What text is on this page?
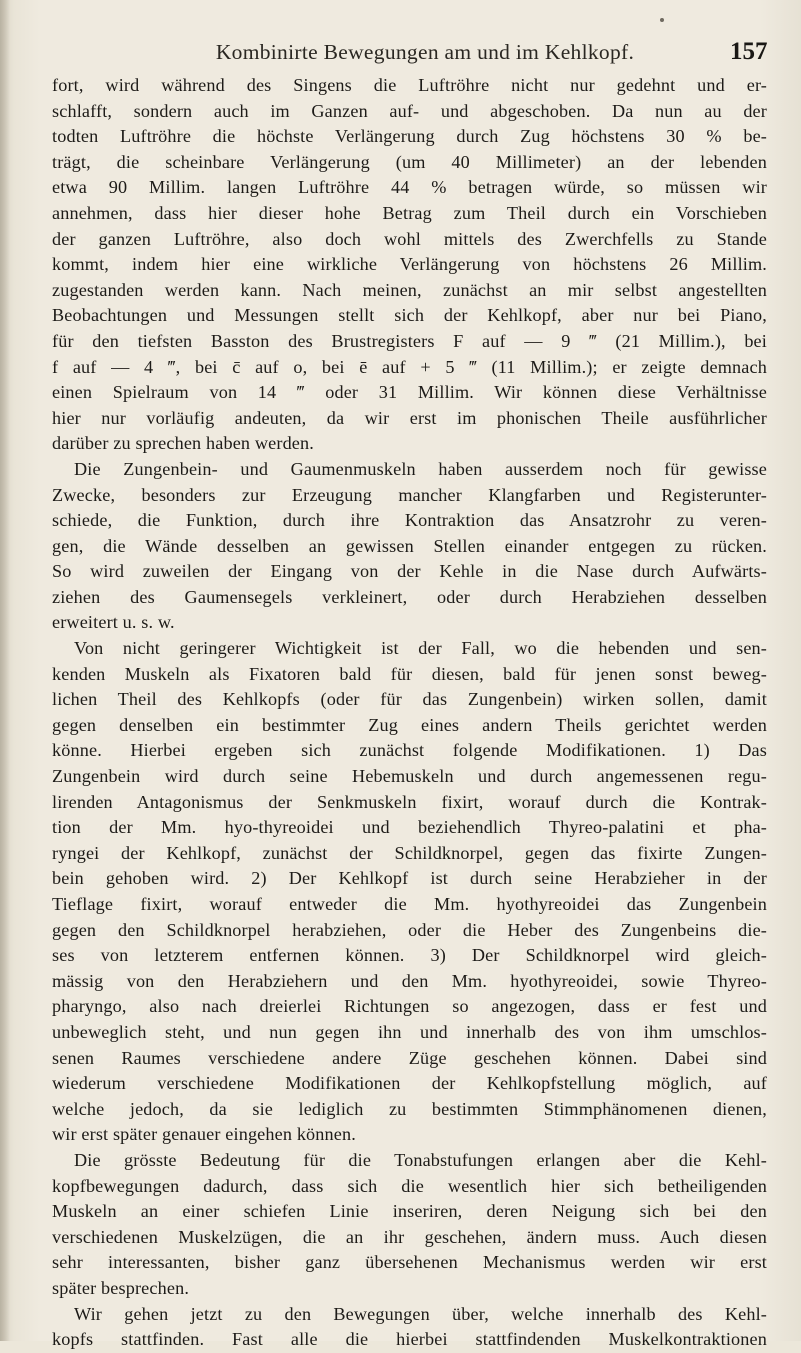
Kombinirte Bewegungen am und im Kehlkopf.	157
fort, wird während des Singens die Luftröhre nicht nur gedehnt und er-
schlafft, sondern auch im Ganzen auf- und abgeschoben. Da nun au der
todten Luftröhre die höchste Verlängerung durch Zug höchstens 30 % be-
trägt, die scheinbare Verlängerung (um 40 Millimeter) an der lebenden
etwa 90 Millim. langen Luftröhre 44 % betragen würde, so müssen wir
annehmen, dass hier dieser hohe Betrag zum Theil durch ein Vorschieben
der ganzen Luftröhre, also doch wohl mittels des Zwerchfells zu Stande
kommt, indem hier eine wirkliche Verlängerung von höchstens 26 Millim.
zugestanden werden kann. Nach meinen, zunächst an mir selbst angestellten
Beobachtungen und Messungen stellt sich der Kehlkopf, aber nur bei Piano,
für den tiefsten Basston des Brustregisters F auf — 9 ‴ (21 Millim.), bei
f auf — 4 ‴, bei c̄ auf o, bei ē auf + 5 ‴ (11 Millim.); er zeigte demnach
einen Spielraum von 14 ‴ oder 31 Millim. Wir können diese Verhältnisse
hier nur vorläufig andeuten, da wir erst im phonischen Theile ausführlicher
darüber zu sprechen haben werden.
Die Zungenbein- und Gaumenmuskeln haben ausserdem noch für gewisse
Zwecke, besonders zur Erzeugung mancher Klangfarben und Registerunter-
schiede, die Funktion, durch ihre Kontraktion das Ansatzrohr zu veren-
gen, die Wände desselben an gewissen Stellen einander entgegen zu rücken.
So wird zuweilen der Eingang von der Kehle in die Nase durch Aufwärts-
ziehen des Gaumensegels verkleinert, oder durch Herabziehen desselben
erweitert u. s. w.
Von nicht geringerer Wichtigkeit ist der Fall, wo die hebenden und sen-
kenden Muskeln als Fixatoren bald für diesen, bald für jenen sonst beweg-
lichen Theil des Kehlkopfs (oder für das Zungenbein) wirken sollen, damit
gegen denselben ein bestimmter Zug eines andern Theils gerichtet werden
könne. Hierbei ergeben sich zunächst folgende Modifikationen. 1) Das
Zungenbein wird durch seine Hebemuskeln und durch angemessenen regu-
lirenden Antagonismus der Senkmuskeln fixirt, worauf durch die Kontrak-
tion der Mm. hyo-thyreoidei und beziehendlich Thyreo-palatini et pha-
ryngei der Kehlkopf, zunächst der Schildknorpel, gegen das fixirte Zungen-
bein gehoben wird. 2) Der Kehlkopf ist durch seine Herabzieher in der
Tieflage fixirt, worauf entweder die Mm. hyothyreoidei das Zungenbein
gegen den Schildknorpel herabziehen, oder die Heber des Zungenbeins die-
ses von letzterem entfernen können. 3) Der Schildknorpel wird gleich-
mässig von den Herabziehern und den Mm. hyothyreoidei, sowie Thyreo-
pharyngo, also nach dreierlei Richtungen so angezogen, dass er fest und
unbeweglich steht, und nun gegen ihn und innerhalb des von ihm umschlos-
senen Raumes verschiedene andere Züge geschehen können. Dabei sind
wiederum verschiedene Modifikationen der Kehlkopfstellung möglich, auf
welche jedoch, da sie lediglich zu bestimmten Stimmphänomenen dienen,
wir erst später genauer eingehen können.
Die grösste Bedeutung für die Tonabstufungen erlangen aber die Kehl-
kopfbewegungen dadurch, dass sich die wesentlich hier sich betheiligenden
Muskeln an einer schiefen Linie inseriren, deren Neigung sich bei den
verschiedenen Muskelzügen, die an ihr geschehen, ändern muss. Auch diesen
sehr interessanten, bisher ganz übersehenen Mechanismus werden wir erst
später besprechen.
Wir gehen jetzt zu den Bewegungen über, welche innerhalb des Kehl-
kopfs stattfinden. Fast alle die hierbei stattfindenden Muskelkontraktionen
